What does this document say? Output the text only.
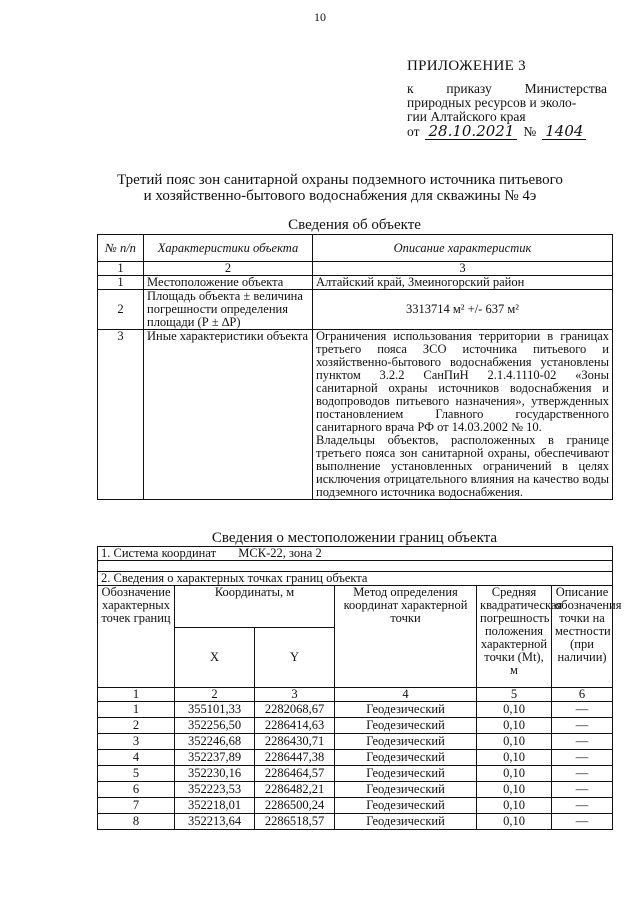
10
ПРИЛОЖЕНИЕ 3
к приказу Министерства
природных ресурсов и эколо-
гии Алтайского края
от 28.10.2021 № 1404
Третий пояс зон санитарной охраны подземного источника питьевого
и хозяйственно-бытового водоснабжения для скважины № 4э
Сведения об объекте
№ п/п	Характеристики объекта	Описание характеристик
1	2	3
1	Местоположение объекта	Алтайский край, Змеиногорский район
2	Площадь объекта ± величина погрешности определения площади (Р ± ∆Р)	3313714 м² +/- 637 м²
3	Иные характеристики объекта	Ограничения использования территории в границах третьего пояса ЗСО источника питьевого и хозяйственно-бытового водоснабжения установлены пунктом 3.2.2 СанПиН 2.1.4.1110-02 «Зоны санитарной охраны источников водоснабжения и водопроводов питьевого назначения», утвержденных постановлением Главного государственного санитарного врача РФ от 14.03.2002 № 10.
Владельцы объектов, расположенных в границе третьего пояса зон санитарной охраны, обеспечивают выполнение установленных ограничений в целях исключения отрицательного влияния на качество воды подземного источника водоснабжения.
Сведения о местоположении границ объекта
1. Система координат МСК-22, зона 2					

2. Сведения о характерных точках границ объекта					
Обозначение характерных точек границ	Координаты, м		Метод определения координат характерной точки	Средняя квадратическая погрешность положения характерной точки (Mt), м	Описание обозначения точки на местности (при наличии)
	X	Y			
1	2	3	4	5	6
1	355101,33	2282068,67	Геодезический	0,10	—
2	352256,50	2286414,63	Геодезический	0,10	—
3	352246,68	2286430,71	Геодезический	0,10	—
4	352237,89	2286447,38	Геодезический	0,10	—
5	352230,16	2286464,57	Геодезический	0,10	—
6	352223,53	2286482,21	Геодезический	0,10	—
7	352218,01	2286500,24	Геодезический	0,10	—
8	352213,64	2286518,57	Геодезический	0,10	—
